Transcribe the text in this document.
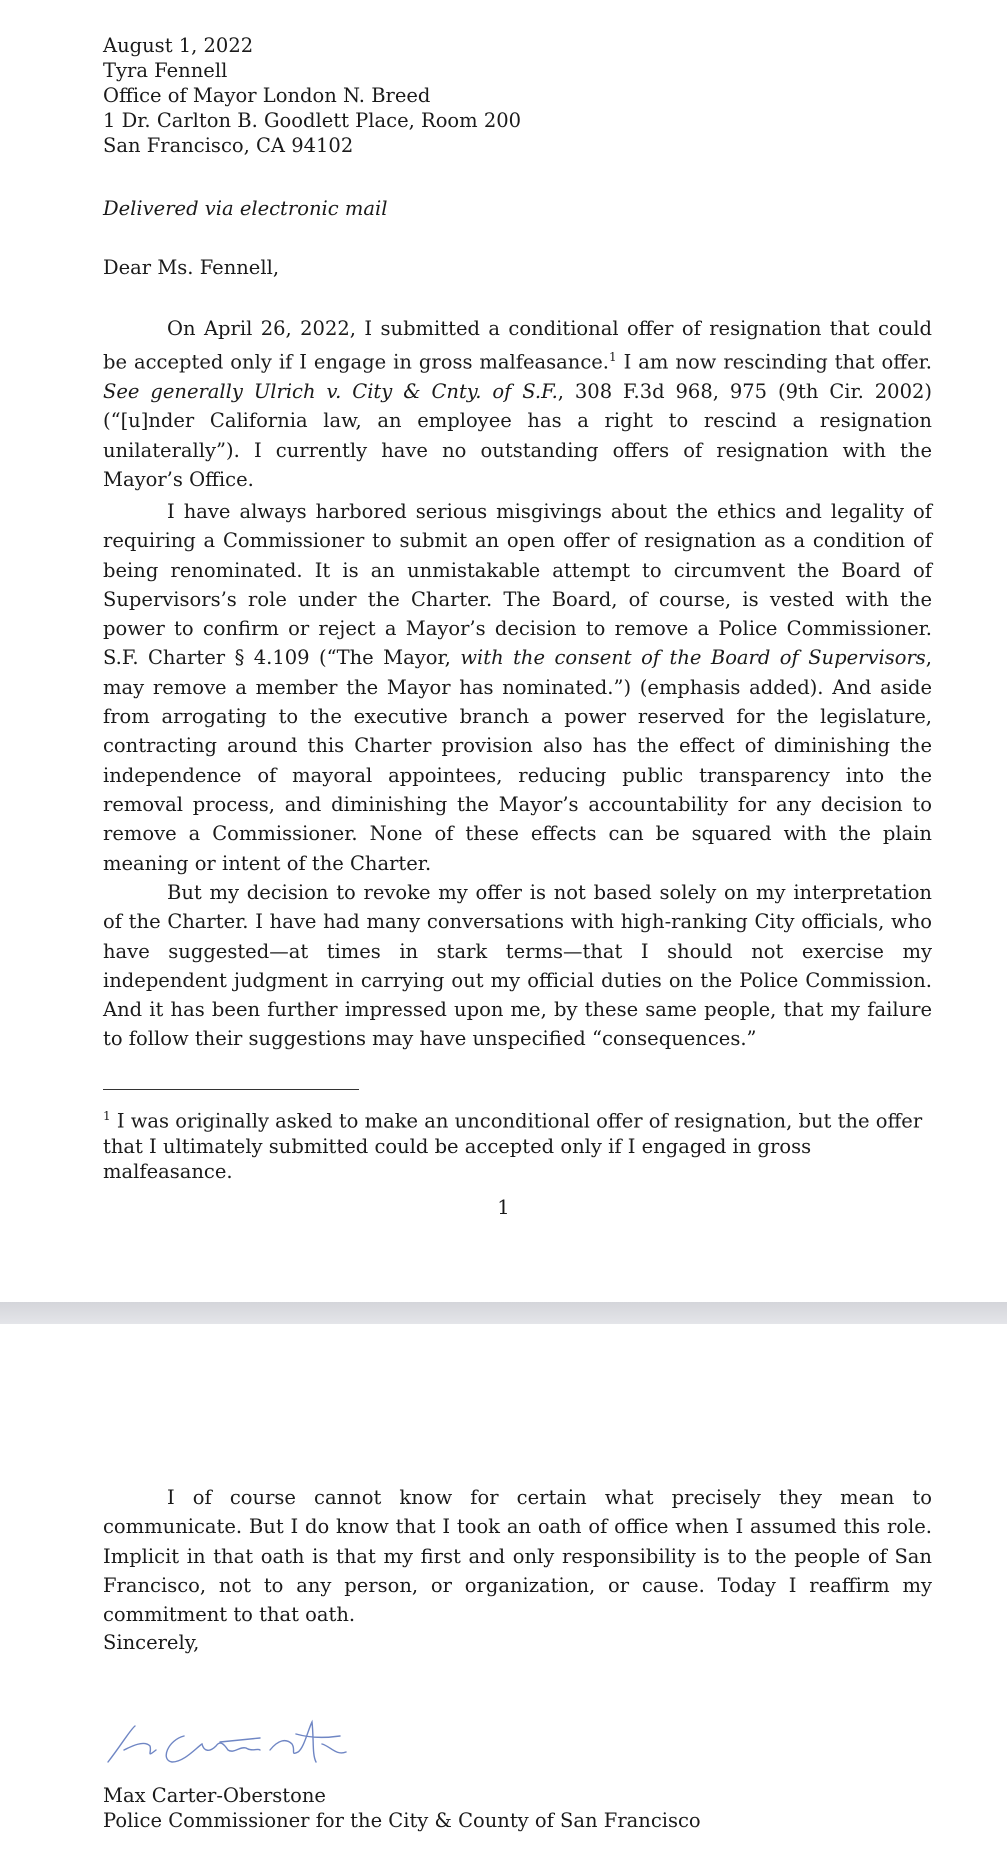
August 1, 2022
Tyra Fennell
Office of Mayor London N. Breed
1 Dr. Carlton B. Goodlett Place, Room 200
San Francisco, CA 94102
Delivered via electronic mail
Dear Ms. Fennell,

On April 26, 2022, I submitted a conditional offer of resignation that could be accepted only if I engage in gross malfeasance.$^1$ I am now rescinding that offer. See generally Ulrich v. City & Cnty. of S.F., 308 F.3d 968, 975 (9th Cir. 2002) (“[u]nder California law, an employee has a right to rescind a resignation unilaterally”). I currently have no outstanding offers of resignation with the Mayor’s Office.

I have always harbored serious misgivings about the ethics and legality of requiring a Commissioner to submit an open offer of resignation as a condition of being renominated. It is an unmistakable attempt to circumvent the Board of Supervisors’s role under the Charter. The Board, of course, is vested with the power to confirm or reject a Mayor’s decision to remove a Police Commissioner. S.F. Charter § 4.109 (“The Mayor, with the consent of the Board of Supervisors, may remove a member the Mayor has nominated.”) (emphasis added). And aside from arrogating to the executive branch a power reserved for the legislature, contracting around this Charter provision also has the effect of diminishing the independence of mayoral appointees, reducing public transparency into the removal process, and diminishing the Mayor’s accountability for any decision to remove a Commissioner. None of these effects can be squared with the plain meaning or intent of the Charter.

But my decision to revoke my offer is not based solely on my interpretation of the Charter. I have had many conversations with high-ranking City officials, who have suggested—at times in stark terms—that I should not exercise my independent judgment in carrying out my official duties on the Police Commission. And it has been further impressed upon me, by these same people, that my failure to follow their suggestions may have unspecified “consequences.”

$^1$ I was originally asked to make an unconditional offer of resignation, but the offer that I ultimately submitted could be accepted only if I engaged in gross malfeasance.
1

I of course cannot know for certain what precisely they mean to communicate. But I do know that I took an oath of office when I assumed this role. Implicit in that oath is that my first and only responsibility is to the people of San Francisco, not to any person, or organization, or cause. Today I reaffirm my commitment to that oath.

Sincerely,
Max Carter-Oberstone
Police Commissioner for the City & County of San Francisco
